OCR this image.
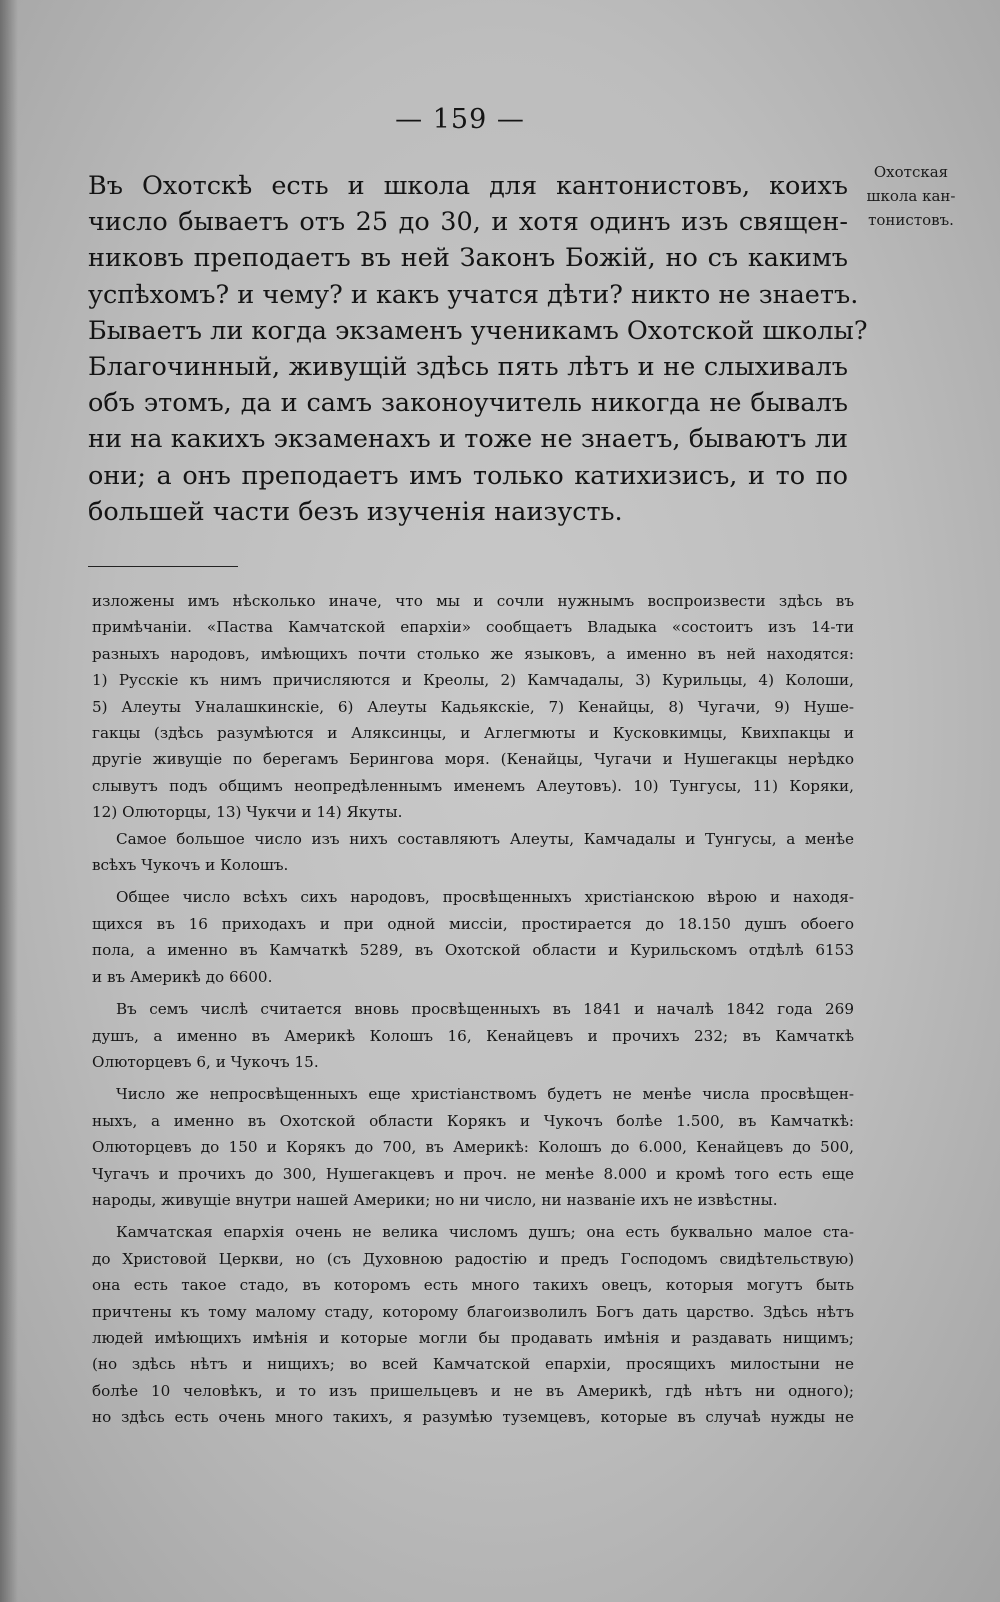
— 159 —
Охотская
школа кан-
тонистовъ.
Въ Охотскѣ есть и школа для кантонистовъ, коихъ
число бываетъ отъ 25 до 30, и хотя одинъ изъ священ-
никовъ преподаетъ въ ней Законъ Божій, но съ какимъ
успѣхомъ? и чему? и какъ учатся дѣти? никто не знаетъ.
Бываетъ ли когда экзаменъ ученикамъ Охотской школы?
Благочинный, живущій здѣсь пять лѣтъ и не слыхивалъ
объ этомъ, да и самъ законоучитель никогда не бывалъ
ни на какихъ экзаменахъ и тоже не знаетъ, бываютъ ли
они; а онъ преподаетъ имъ только катихизисъ, и то по
большей части безъ изученія наизусть.
изложены имъ нѣсколько иначе, что мы и сочли нужнымъ воспроизвести здѣсь въ
примѣчаніи. «Паства Камчатской епархіи» сообщаетъ Владыка «состоитъ изъ 14-ти
разныхъ народовъ, имѣющихъ почти столько же языковъ, а именно въ ней находятся:
1) Русскіе къ нимъ причисляются и Креолы, 2) Камчадалы, 3) Курильцы, 4) Колоши,
5) Алеуты Уналашкинскіе, 6) Алеуты Кадьякскіе, 7) Кенайцы, 8) Чугачи, 9) Нуше-
гакцы (здѣсь разумѣются и Аляксинцы, и Аглегмюты и Кусковкимцы, Квихпакцы и
другіе живущіе по берегамъ Берингова моря. (Кенайцы, Чугачи и Нушегакцы нерѣдко
слывутъ подъ общимъ неопредѣленнымъ именемъ Алеутовъ). 10) Тунгусы, 11) Коряки,
12) Олюторцы, 13) Чукчи и 14) Якуты.
Самое большое число изъ нихъ составляютъ Алеуты, Камчадалы и Тунгусы, а менѣе
всѣхъ Чукочъ и Колошъ.
Общее число всѣхъ сихъ народовъ, просвѣщенныхъ христіанскою вѣрою и находя-
щихся въ 16 приходахъ и при одной миссіи, простирается до 18.150 душъ обоего
пола, а именно въ Камчаткѣ 5289, въ Охотской области и Курильскомъ отдѣлѣ 6153
и въ Америкѣ до 6600.
Въ семъ числѣ считается вновь просвѣщенныхъ въ 1841 и началѣ 1842 года 269
душъ, а именно въ Америкѣ Колошъ 16, Кенайцевъ и прочихъ 232; въ Камчаткѣ
Олюторцевъ 6, и Чукочъ 15.
Число же непросвѣщенныхъ еще христіанствомъ будетъ не менѣе числа просвѣщен-
ныхъ, а именно въ Охотской области Корякъ и Чукочъ болѣе 1.500, въ Камчаткѣ:
Олюторцевъ до 150 и Корякъ до 700, въ Америкѣ: Колошъ до 6.000, Кенайцевъ до 500,
Чугачъ и прочихъ до 300, Нушегакцевъ и проч. не менѣе 8.000 и кромѣ того есть еще
народы, живущіе внутри нашей Америки; но ни число, ни названіе ихъ не извѣстны.
Камчатская епархія очень не велика числомъ душъ; она есть буквально малое ста-
до Христовой Церкви, но (съ Духовною радостію и предъ Господомъ свидѣтельствую)
она есть такое стадо, въ которомъ есть много такихъ овецъ, которыя могутъ быть
причтены къ тому малому стаду, которому благоизволилъ Богъ дать царство. Здѣсь нѣтъ
людей имѣющихъ имѣнія и которые могли бы продавать имѣнія и раздавать нищимъ;
(но здѣсь нѣтъ и нищихъ; во всей Камчатской епархіи, просящихъ милостыни не
болѣе 10 человѣкъ, и то изъ пришельцевъ и не въ Америкѣ, гдѣ нѣтъ ни одного);
но здѣсь есть очень много такихъ, я разумѣю туземцевъ, которые въ случаѣ нужды не
